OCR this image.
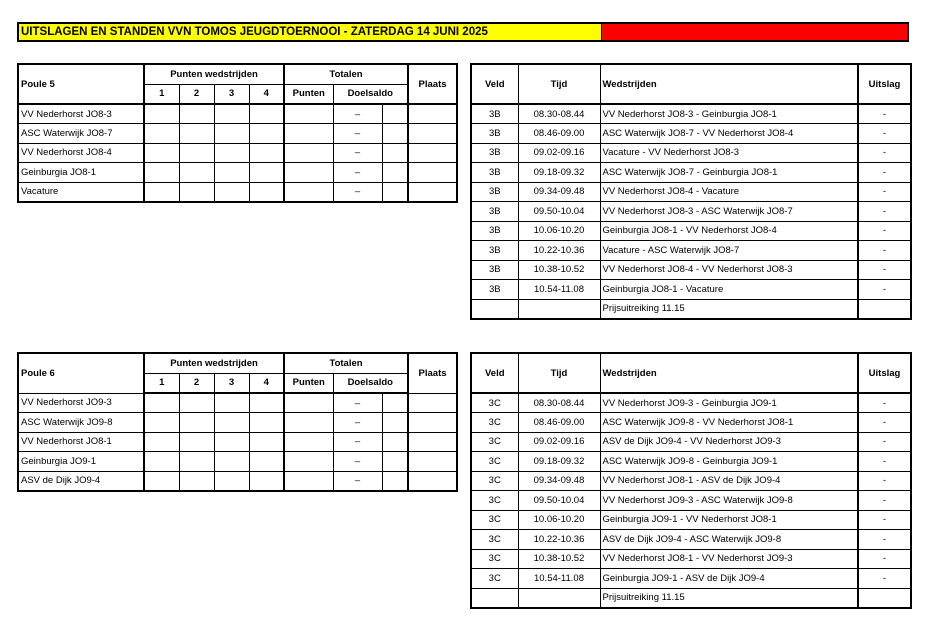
UITSLAGEN EN STANDEN VVN TOMOS JEUGDTOERNOOI - ZATERDAG 14 JUNI 2025
Poule 5	Punten wedstrijden				Totalen			Plaats
	1	2	3	4	Punten	Doelsaldo		
VV Nederhorst JO8-3						–		
ASC Waterwijk JO8-7						–		
VV Nederhorst JO8-4						–		
Geinburgia JO8-1						–		
Vacature						–		
Veld	Tijd	Wedstrijden	Uitslag
3B	08.30-08.44	VV Nederhorst JO8-3 - Geinburgia JO8-1	-
3B	08.46-09.00	ASC Waterwijk JO8-7 - VV Nederhorst JO8-4	-
3B	09.02-09.16	Vacature - VV Nederhorst JO8-3	-
3B	09.18-09.32	ASC Waterwijk JO8-7 - Geinburgia JO8-1	-
3B	09.34-09.48	VV Nederhorst JO8-4 - Vacature	-
3B	09.50-10.04	VV Nederhorst JO8-3 - ASC Waterwijk JO8-7	-
3B	10.06-10.20	Geinburgia JO8-1 - VV Nederhorst JO8-4	-
3B	10.22-10.36	Vacature - ASC Waterwijk JO8-7	-
3B	10.38-10.52	VV Nederhorst JO8-4 - VV Nederhorst JO8-3	-
3B	10.54-11.08	Geinburgia JO8-1 - Vacature	-
		Prijsuitreiking 11.15	
Poule 6	Punten wedstrijden				Totalen			Plaats
	1	2	3	4	Punten	Doelsaldo		
VV Nederhorst JO9-3						–		
ASC Waterwijk JO9-8						–		
VV Nederhorst JO8-1						–		
Geinburgia JO9-1						–		
ASV de Dijk JO9-4						–		
Veld	Tijd	Wedstrijden	Uitslag
3C	08.30-08.44	VV Nederhorst JO9-3 - Geinburgia JO9-1	-
3C	08.46-09.00	ASC Waterwijk JO9-8 - VV Nederhorst JO8-1	-
3C	09.02-09.16	ASV de Dijk JO9-4 - VV Nederhorst JO9-3	-
3C	09.18-09.32	ASC Waterwijk JO9-8 - Geinburgia JO9-1	-
3C	09.34-09.48	VV Nederhorst JO8-1 - ASV de Dijk JO9-4	-
3C	09.50-10.04	VV Nederhorst JO9-3 - ASC Waterwijk JO9-8	-
3C	10.06-10.20	Geinburgia JO9-1 - VV Nederhorst JO8-1	-
3C	10.22-10.36	ASV de Dijk JO9-4 - ASC Waterwijk JO9-8	-
3C	10.38-10.52	VV Nederhorst JO8-1 - VV Nederhorst JO9-3	-
3C	10.54-11.08	Geinburgia JO9-1 - ASV de Dijk JO9-4	-
		Prijsuitreiking 11.15	
